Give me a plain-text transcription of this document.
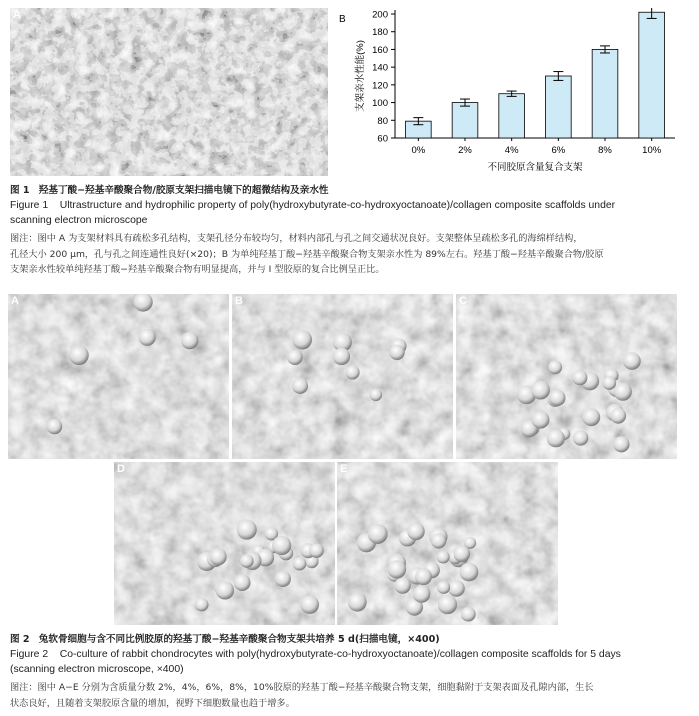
A	B
60
80
100
120
140
160
180
200
0%	2%	4%	6%	8%	10%
不同胶原含量复合支架
支架亲水性能(%)
图 1 羟基丁酸−羟基辛酸聚合物/胶原支架扫描电镜下的超微结构及亲水性
Figure 1 Ultrastructure and hydrophilic property of poly(hydroxybutyrate-co-hydroxyoctanoate)/collagen composite scaffolds under
scanning electron microscope
图注：图中 A 为支架材料具有疏松多孔结构，支架孔径分布较均匀，材料内部孔与孔之间交通状况良好。支架整体呈疏松多孔的海绵样结构，
孔径大小 200 μm，孔与孔之间连通性良好(×20)；B 为单纯羟基丁酸−羟基辛酸聚合物支架亲水性为 89%左右。羟基丁酸−羟基辛酸聚合物/胶原
支架亲水性较单纯羟基丁酸−羟基辛酸聚合物有明显提高，并与 I 型胶原的复合比例呈正比。
A	B	C
D	E
图 2 兔软骨细胞与含不同比例胶原的羟基丁酸−羟基辛酸聚合物支架共培养 5 d(扫描电镜，×400)
Figure 2 Co-culture of rabbit chondrocytes with poly(hydroxybutyrate-co-hydroxyoctanoate)/collagen composite scaffolds for 5 days
(scanning electron microscope, ×400)
图注：图中 A−E 分别为含质量分数 2%，4%，6%，8%，10%胶原的羟基丁酸−羟基辛酸聚合物支架，细胞黏附于支架表面及孔隙内部，生长
状态良好，且随着支架胶原含量的增加，视野下细胞数量也趋于增多。
